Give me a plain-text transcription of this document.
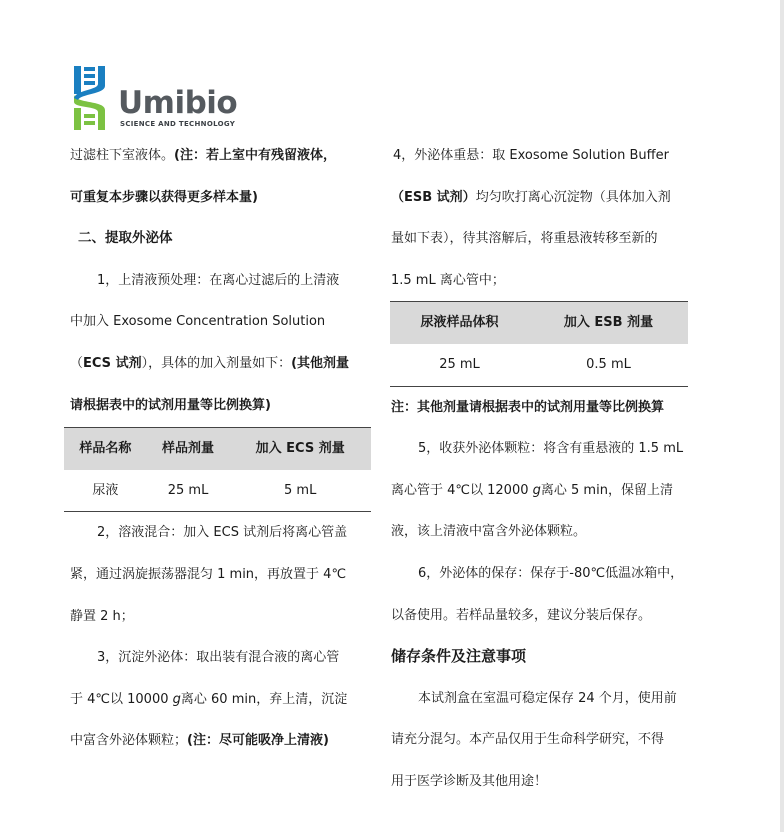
Umibio
SCIENCE AND TECHNOLOGY
过滤柱下室液体。(注：若上室中有残留液体，
可重复本步骤以获得更多样本量)
二、提取外泌体
1，上清液预处理：在离心过滤后的上清液
中加入 Exosome Concentration Solution
（ECS 试剂），具体的加入剂量如下：(其他剂量
请根据表中的试剂用量等比例换算)
样品名称	样品剂量	加入 ECS 剂量
尿液	25 mL	5 mL
2，溶液混合：加入 ECS 试剂后将离心管盖
紧，通过涡旋振荡器混匀 1 min，再放置于 4℃
静置 2 h；
3，沉淀外泌体：取出装有混合液的离心管
于 4℃以 10000 g离心 60 min，弃上清，沉淀
中富含外泌体颗粒；(注：尽可能吸净上清液)
4，外泌体重悬：取 Exosome Solution Buffer
（ESB 试剂）均匀吹打离心沉淀物（具体加入剂
量如下表），待其溶解后，将重悬液转移至新的
1.5 mL 离心管中；
尿液样品体积	加入 ESB 剂量
25 mL	0.5 mL
注：其他剂量请根据表中的试剂用量等比例换算
5，收获外泌体颗粒：将含有重悬液的 1.5 mL
离心管于 4℃以 12000 g离心 5 min，保留上清
液，该上清液中富含外泌体颗粒。
6，外泌体的保存：保存于-80℃低温冰箱中，
以备使用。若样品量较多，建议分装后保存。
储存条件及注意事项
本试剂盒在室温可稳定保存 24 个月，使用前
请充分混匀。本产品仅用于生命科学研究，不得
用于医学诊断及其他用途！
